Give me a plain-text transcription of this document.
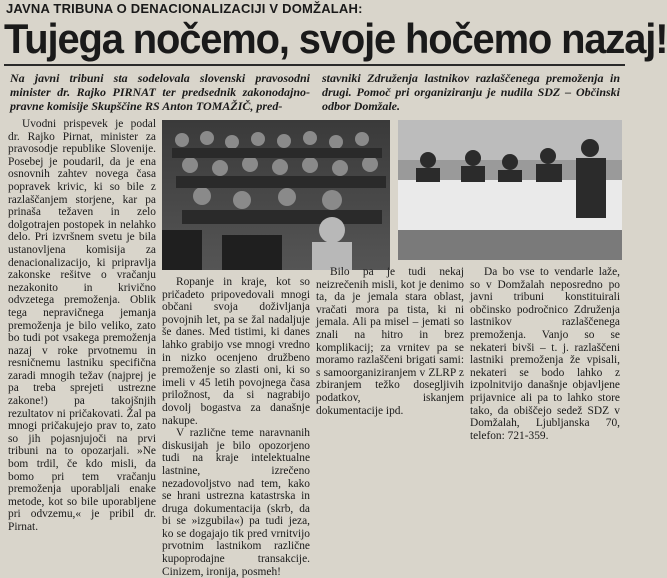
JAVNA TRIBUNA O DENACIONALIZACIJI V DOMŽALAH:
Tujega nočemo, svoje hočemo nazaj!
Na javni tribuni sta sodelovala slovenski pravosodni minister dr. Rajko PIRNAT ter predsednik zakonodajno-pravne komisije Skupščine RS Anton TOMAŽIČ, pred-
stavniki Združenja lastnikov razlaščenega premoženja in drugi. Pomoč pri organiziranju je nudila SDZ – Občinski odbor Domžale.

Uvodni prispevek je podal dr. Rajko Pirnat, minister za pravosodje republike Slovenije. Posebej je poudaril, da je ena osnovnih zahtev novega časa popravek krivic, ki so bile z razlaščanjem storjene, kar pa prinaša težaven in zelo dolgotrajen postopek in nelahko delo. Pri izvršnem svetu je bila ustanovljena komisija za denacionalizacijo, ki pripravlja zakonske rešitve o vračanju nezakonito in krivično odvzetega premoženja. Oblik tega nepravičnega jemanja premoženja je bilo veliko, zato bo tudi pot vsakega premoženja nazaj v roke prvotnemu in resničnemu lastniku specifična zaradi mnogih težav (najprej je pa treba sprejeti ustrezne zakone!) pa takojšnjih rezultatov ni pričakovati. Žal pa mnogi pričakujejo prav to, zato so jih pojasnjujoči na prvi tribuni na to opozarjali. »Ne bom trdil, če kdo misli, da bomo pri tem vračanju premoženja uporabljali enake metode, kot so bile uporabljene pri odvzemu,« je pribil dr. Pirnat.

Ropanje in kraje, kot so pričadeto pripovedovali mnogi občani svoja doživljanja povojnih let, pa se žal nadaljuje še danes. Med tistimi, ki danes lahko grabijo vse mnogi vredno in nizko ocenjeno družbeno premoženje so zlasti oni, ki so imeli v 45 letih povojnega časa priložnost, da si nagrabijo dovolj bogastva za današnje nakupe.

V različne teme naravnanih diskusijah je bilo opozorjeno tudi na kraje intelektualne lastnine, izrečeno nezadovoljstvo nad tem, kako se hrani ustrezna katastrska in druga dokumentacija (skrb, da bi se »izgubila«) pa tudi jeza, ko se dogajajo tik pred vrnitvijo prvotnim lastnikom različne kupoprodajne transakcije. Cinizem, ironija, posmeh!

Bilo pa je tudi nekaj neizrečenih misli, kot je denimo ta, da je jemala stara oblast, vračati mora pa tista, ki ni jemala. Ali pa misel – jemati so znali na hitro in brez komplikacij; za vrnitev pa se moramo razlaščeni brigati sami: s samoorganiziranjem v ZLRP z zbiranjem težko dosegljivih podatkov, iskanjem dokumentacije ipd.

Da bo vse to vendarle laže, so v Domžalah neposredno po javni tribuni konstituirali občinsko področnico Združenja lastnikov razlaščenega premoženja. Vanjo so se nekateri bivši – t. j. razlaščeni lastniki premoženja že vpisali, nekateri se bodo lahko z izpolnitvijo današnje objavljene prijavnice ali pa to lahko store tako, da obiščejo sedež SDZ v Domžalah, Ljubljanska 70, telefon: 721-359.
